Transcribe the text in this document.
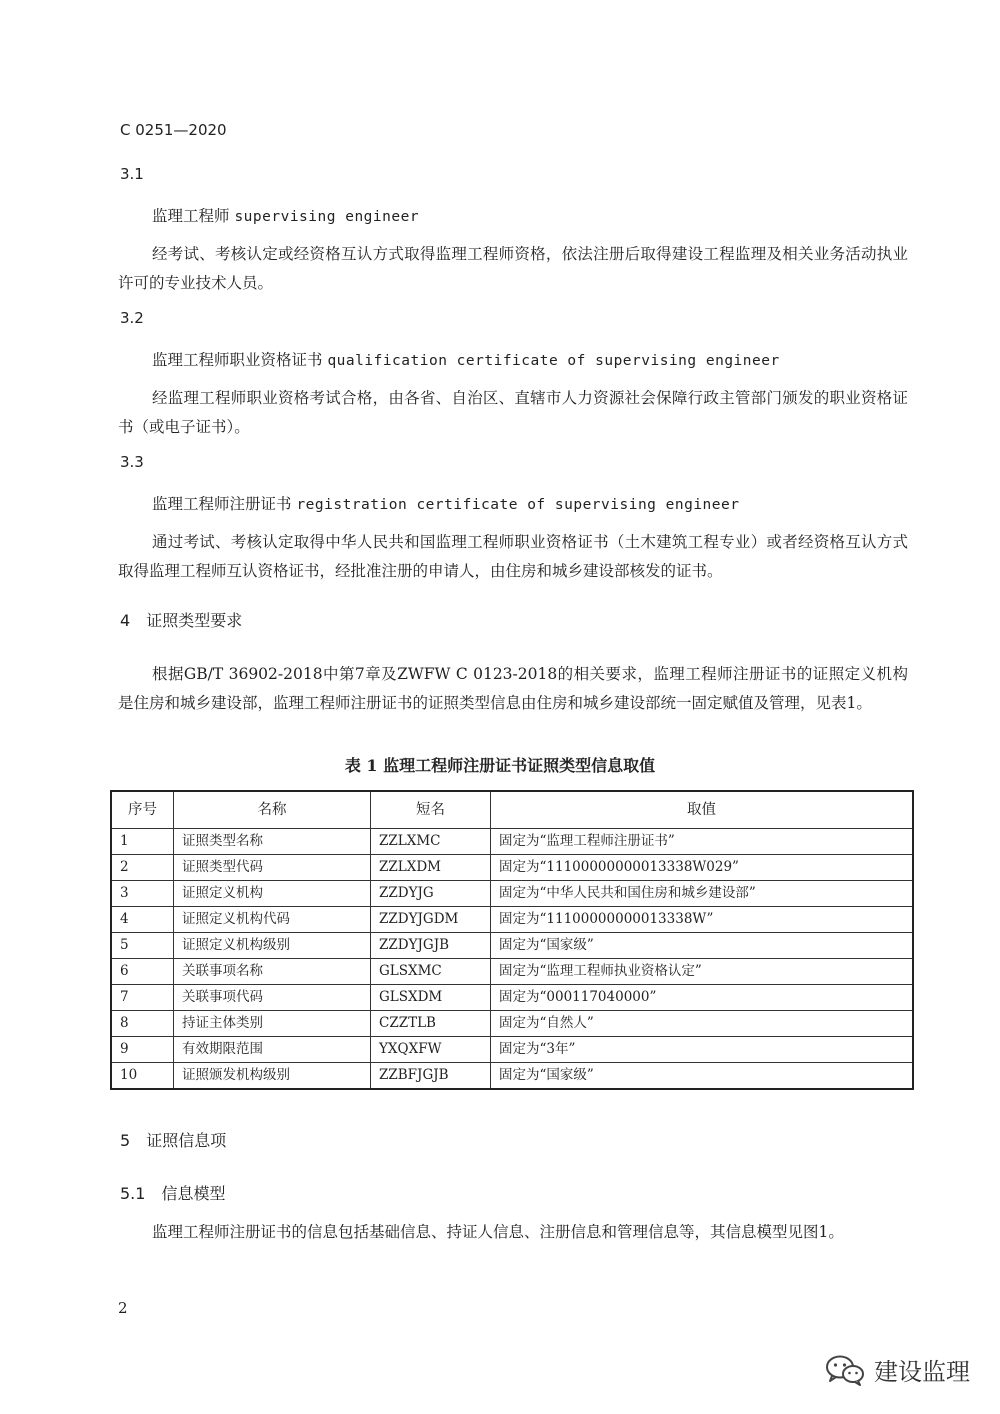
C 0251—2020
3.1
监理工程师 supervising engineer
经考试、考核认定或经资格互认方式取得监理工程师资格，依法注册后取得建设工程监理及相关业务活动执业许可的专业技术人员。
3.2
监理工程师职业资格证书 qualification certificate of supervising engineer
经监理工程师职业资格考试合格，由各省、自治区、直辖市人力资源社会保障行政主管部门颁发的职业资格证书（或电子证书）。
3.3
监理工程师注册证书 registration certificate of supervising engineer
通过考试、考核认定取得中华人民共和国监理工程师职业资格证书（土木建筑工程专业）或者经资格互认方式取得监理工程师互认资格证书，经批准注册的申请人，由住房和城乡建设部核发的证书。
4 证照类型要求
根据GB/T 36902-2018中第7章及ZWFW C 0123-2018的相关要求，监理工程师注册证书的证照定义机构是住房和城乡建设部，监理工程师注册证书的证照类型信息由住房和城乡建设部统一固定赋值及管理，见表1。
表 1 监理工程师注册证书证照类型信息取值
序号	名称	短名	取值
1	证照类型名称	ZZLXMC	固定为“监理工程师注册证书”
2	证照类型代码	ZZLXDM	固定为“11100000000013338W029”
3	证照定义机构	ZZDYJG	固定为“中华人民共和国住房和城乡建设部”
4	证照定义机构代码	ZZDYJGDM	固定为“11100000000013338W”
5	证照定义机构级别	ZZDYJGJB	固定为“国家级”
6	关联事项名称	GLSXMC	固定为“监理工程师执业资格认定”
7	关联事项代码	GLSXDM	固定为“000117040000”
8	持证主体类别	CZZTLB	固定为“自然人”
9	有效期限范围	YXQXFW	固定为“3年”
10	证照颁发机构级别	ZZBFJGJB	固定为“国家级”
5 证照信息项
5.1 信息模型
监理工程师注册证书的信息包括基础信息、持证人信息、注册信息和管理信息等，其信息模型见图1。
2
建设监理
